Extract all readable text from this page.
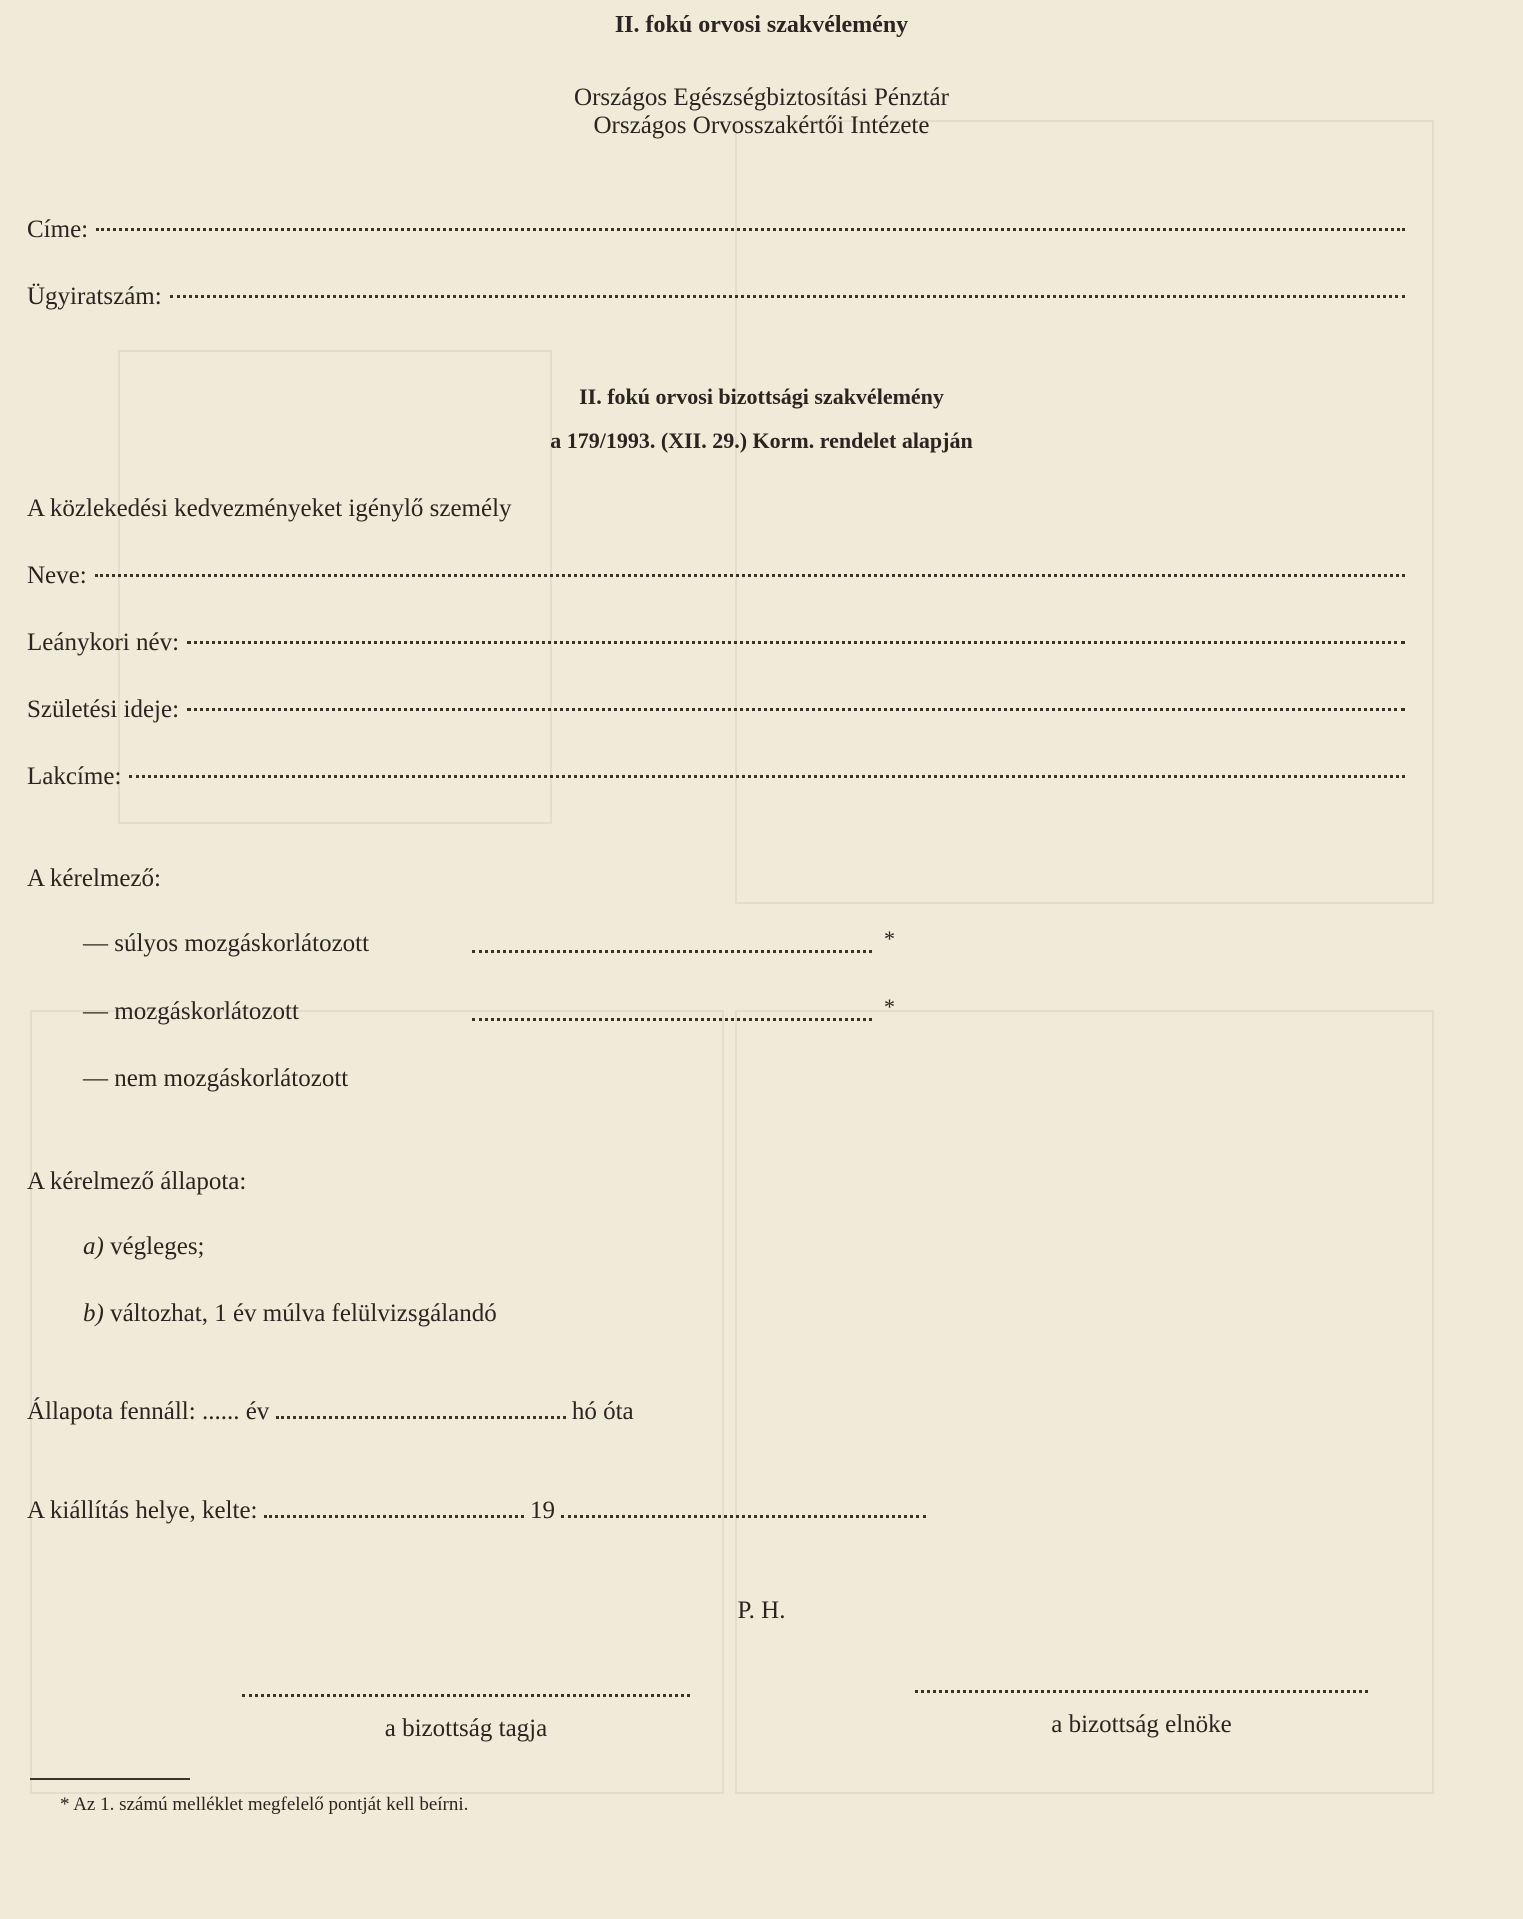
II. fokú orvosi szakvélemény
Országos Egészségbiztosítási Pénztár
Országos Orvosszakértői Intézete
Címe:
Ügyiratszám:
II. fokú orvosi bizottsági szakvélemény
a 179/1993. (XII. 29.) Korm. rendelet alapján
A közlekedési kedvezményeket igénylő személy
Neve:
Leánykori név:
Születési ideje:
Lakcíme:
A kérelmező:
— súlyos mozgáskorlátozott	*
— mozgáskorlátozott	*
— nem mozgáskorlátozott
A kérelmező állapota:
a) végleges;
b) változhat, 1 év múlva felülvizsgálandó
Állapota fennáll: ...... év	hó óta
A kiállítás helye, kelte:	19
P. H.
a bizottság tagja	a bizottság elnöke
* Az 1. számú melléklet megfelelő pontját kell beírni.
